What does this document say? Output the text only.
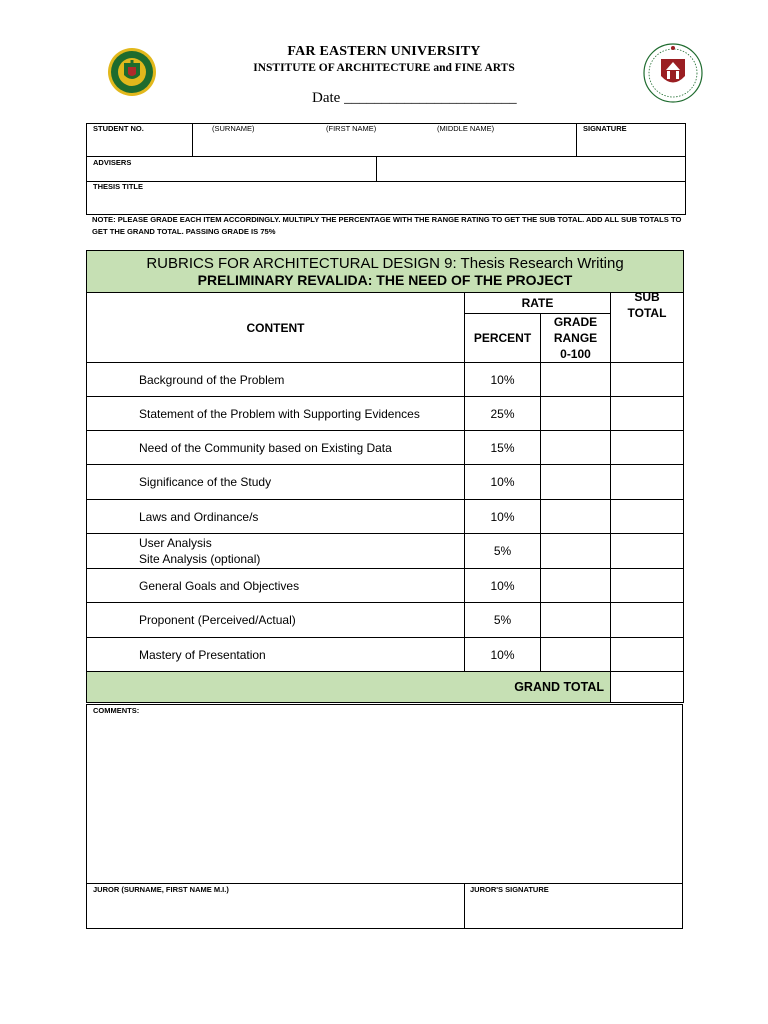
FAR EASTERN UNIVERSITY
INSTITUTE OF ARCHITECTURE and FINE ARTS
Date _______________________
STUDENT NO.	(SURNAME)	(FIRST NAME)	(MIDDLE NAME)	SIGNATURE
ADVISERS
THESIS TITLE
NOTE: PLEASE GRADE EACH ITEM ACCORDINGLY. MULTIPLY THE PERCENTAGE WITH THE RANGE RATING TO GET THE SUB TOTAL. ADD ALL SUB TOTALS TO GET THE GRAND TOTAL. PASSING GRADE IS 75%
RUBRICS FOR ARCHITECTURAL DESIGN 9: Thesis Research Writing			
PRELIMINARY REVALIDA: THE NEED OF THE PROJECT			
CONTENT	RATE		SUB TOTAL

	PERCENT	GRADE RANGE 0-100	

Background of the Problem	10%		
Statement of the Problem with Supporting Evidences	25%		
Need of the Community based on Existing Data	15%		
Significance of the Study	10%		
Laws and Ordinance/s	10%		

User Analysis
Site Analysis (optional)	5%		
General Goals and Objectives	10%		
Proponent (Perceived/Actual)	5%		
Mastery of Presentation	10%		
GRAND TOTAL			
COMMENTS:
JUROR (SURNAME, FIRST NAME M.I.)	JUROR'S SIGNATURE
